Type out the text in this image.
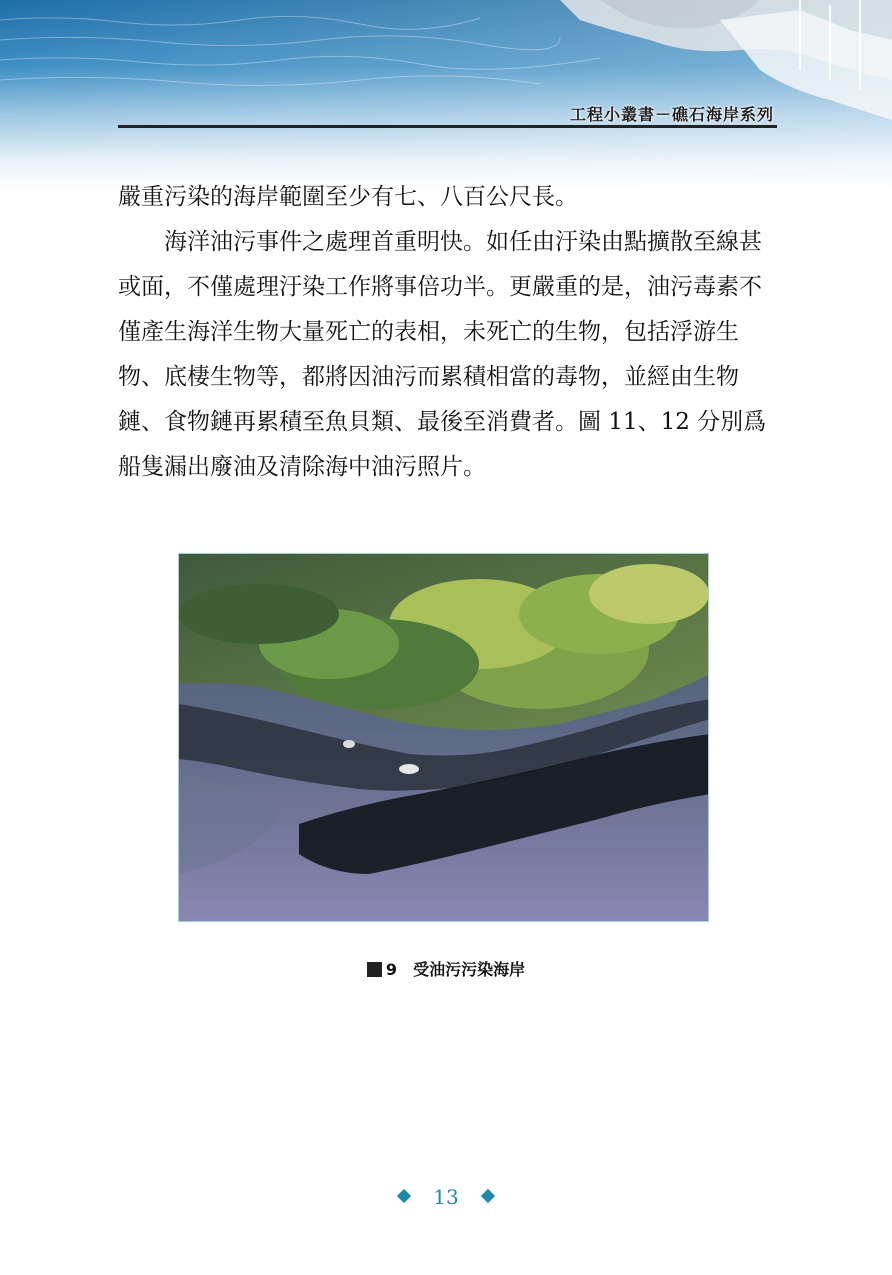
工程小叢書－礁石海岸系列

嚴重污染的海岸範圍至少有七、八百公尺長。

海洋油污事件之處理首重明快。如任由汙染由點擴散至線甚或面，不僅處理汙染工作將事倍功半。更嚴重的是，油污毒素不僅產生海洋生物大量死亡的表相，未死亡的生物，包括浮游生物、底棲生物等，都將因油污而累積相當的毒物，並經由生物鏈、食物鏈再累積至魚貝類、最後至消費者。圖 11、12 分別爲船隻漏出廢油及清除海中油污照片。

9 受油污污染海岸
13
